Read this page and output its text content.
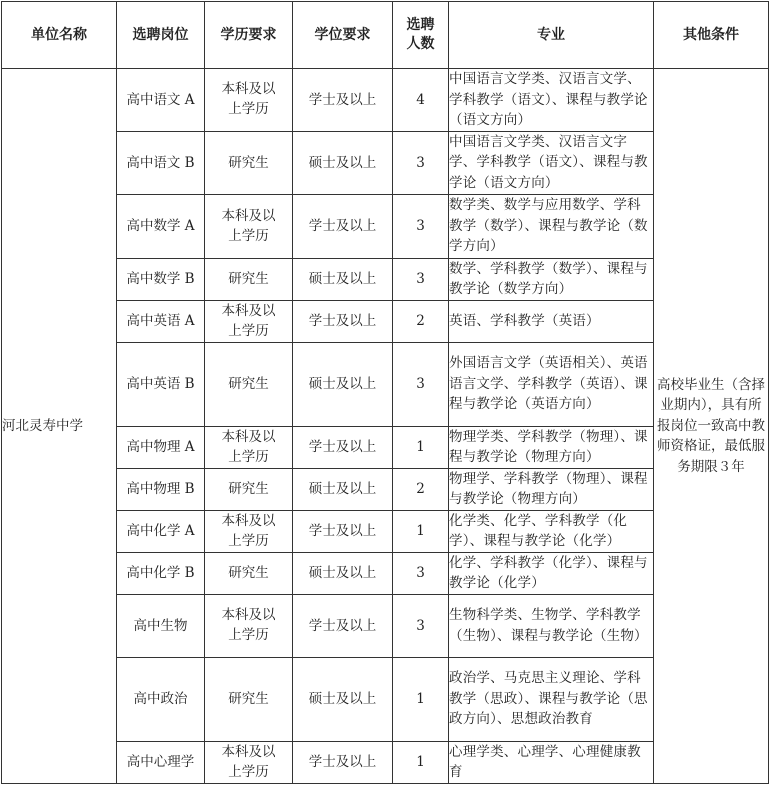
单位名称	选聘岗位	学历要求	学位要求	选聘人数	专业	其他条件
河北灵寿中学	高中语文 A	本科及以上学历	学士及以上	4	中国语言文学类、汉语言文学、学科教学（语文）、课程与教学论（语文方向）	高校毕业生（含择业期内），具有所报岗位一致高中教师资格证，最低服务期限３年
	高中语文 B	研究生	硕士及以上	3	中国语言文学类、汉语言文字学、学科教学（语文）、课程与教学论（语文方向）	
	高中数学 A	本科及以上学历	学士及以上	3	数学类、数学与应用数学、学科教学（数学）、课程与教学论（数学方向）	
	高中数学 B	研究生	硕士及以上	3	数学、学科教学（数学）、课程与教学论（数学方向）	
	高中英语 A	本科及以上学历	学士及以上	2	英语、学科教学（英语）	
	高中英语 B	研究生	硕士及以上	3	外国语言文学（英语相关）、英语语言文学、学科教学（英语）、课程与教学论（英语方向）	
	高中物理 A	本科及以上学历	学士及以上	1	物理学类、学科教学（物理）、课程与教学论（物理方向）	
	高中物理 B	研究生	硕士及以上	2	物理学、学科教学（物理）、课程与教学论（物理方向）	
	高中化学 A	本科及以上学历	学士及以上	1	化学类、化学、学科教学（化学）、课程与教学论（化学）	
	高中化学 B	研究生	硕士及以上	3	化学、学科教学（化学）、课程与教学论（化学）	
	高中生物	本科及以上学历	学士及以上	3	生物科学类、生物学、学科教学（生物）、课程与教学论（生物）	
	高中政治	研究生	硕士及以上	1	政治学、马克思主义理论、学科教学（思政）、课程与教学论（思政方向）、思想政治教育	
	高中心理学	本科及以上学历	学士及以上	1	心理学类、心理学、心理健康教育	
